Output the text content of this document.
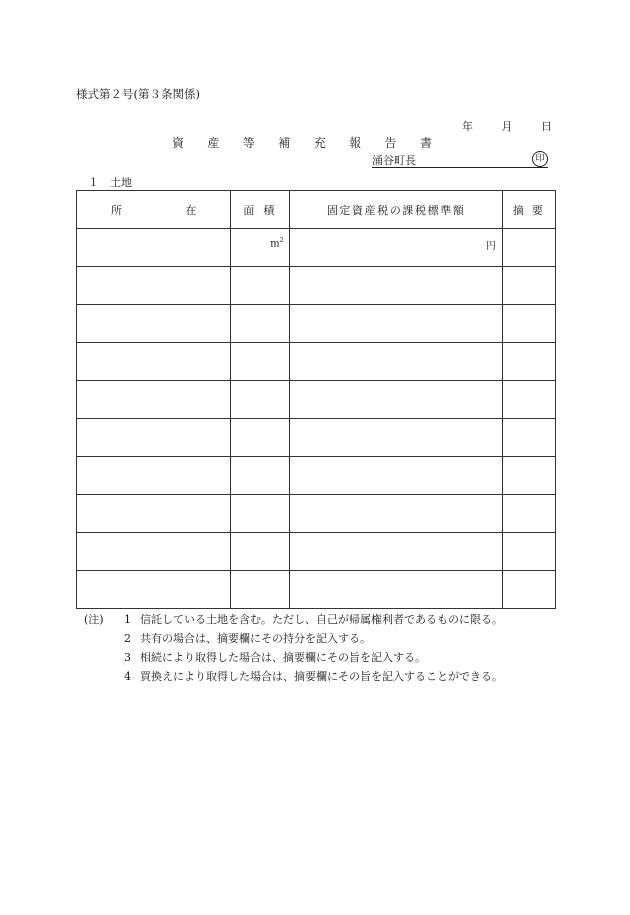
様式第２号(第３条関係)
年	月	日
資 産 等 補 充 報 告 書
涌谷町長	印
１　土地
所 在	面積	固定資産税の課税標準額	摘要

	$m^2$	円	

(注)	1 信託している土地を含む。ただし、自己が帰属権利者であるものに限る。
2 共有の場合は、摘要欄にその持分を記入する。
3 相続により取得した場合は、摘要欄にその旨を記入する。
4 買換えにより取得した場合は、摘要欄にその旨を記入することができる。
